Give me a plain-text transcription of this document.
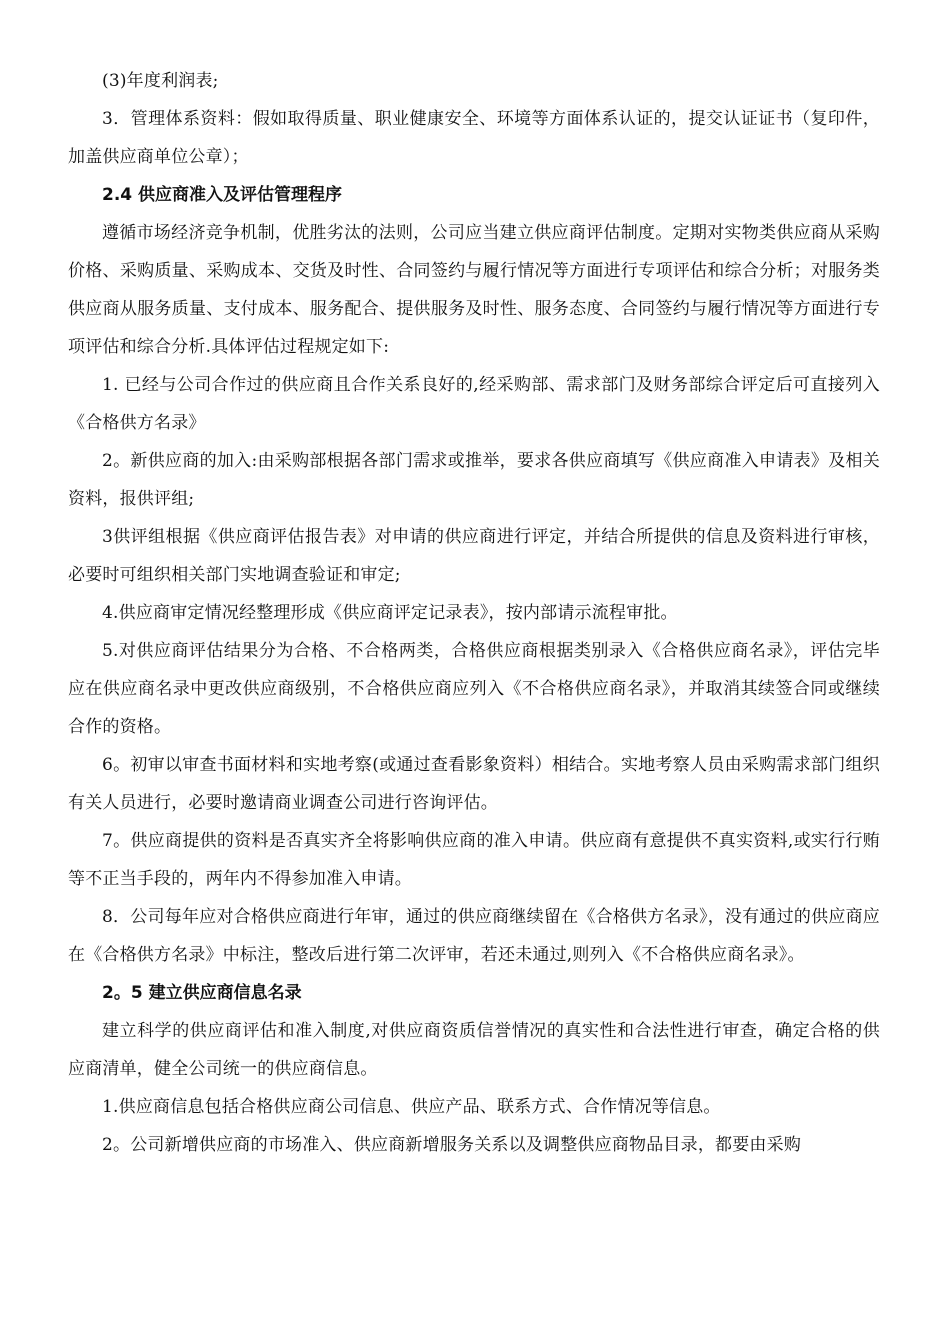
(3)年度利润表;

3．管理体系资料：假如取得质量、职业健康安全、环境等方面体系认证的，提交认证证书（复印件，加盖供应商单位公章）；

2.4 供应商准入及评估管理程序

遵循市场经济竞争机制，优胜劣汰的法则，公司应当建立供应商评估制度。定期对实物类供应商从采购价格、采购质量、采购成本、交货及时性、合同签约与履行情况等方面进行专项评估和综合分析；对服务类供应商从服务质量、支付成本、服务配合、提供服务及时性、服务态度、合同签约与履行情况等方面进行专项评估和综合分析.具体评估过程规定如下:

1. 已经与公司合作过的供应商且合作关系良好的,经采购部、需求部门及财务部综合评定后可直接列入《合格供方名录》

2。新供应商的加入:由采购部根据各部门需求或推举，要求各供应商填写《供应商准入申请表》及相关资料，报供评组;

3供评组根据《供应商评估报告表》对申请的供应商进行评定，并结合所提供的信息及资料进行审核，必要时可组织相关部门实地调查验证和审定;

4.供应商审定情况经整理形成《供应商评定记录表》，按内部请示流程审批。

5.对供应商评估结果分为合格、不合格两类，合格供应商根据类别录入《合格供应商名录》，评估完毕应在供应商名录中更改供应商级别，不合格供应商应列入《不合格供应商名录》，并取消其续签合同或继续合作的资格。

6。初审以审查书面材料和实地考察(或通过查看影象资料）相结合。实地考察人员由采购需求部门组织有关人员进行，必要时邀请商业调查公司进行咨询评估。

7。供应商提供的资料是否真实齐全将影响供应商的准入申请。供应商有意提供不真实资料,或实行行贿等不正当手段的，两年内不得参加准入申请。

8．公司每年应对合格供应商进行年审，通过的供应商继续留在《合格供方名录》，没有通过的供应商应在《合格供方名录》中标注，整改后进行第二次评审，若还未通过,则列入《不合格供应商名录》。

2。5 建立供应商信息名录

建立科学的供应商评估和准入制度,对供应商资质信誉情况的真实性和合法性进行审查，确定合格的供应商清单，健全公司统一的供应商信息。

1.供应商信息包括合格供应商公司信息、供应产品、联系方式、合作情况等信息。

2。公司新增供应商的市场准入、供应商新增服务关系以及调整供应商物品目录，都要由采购
